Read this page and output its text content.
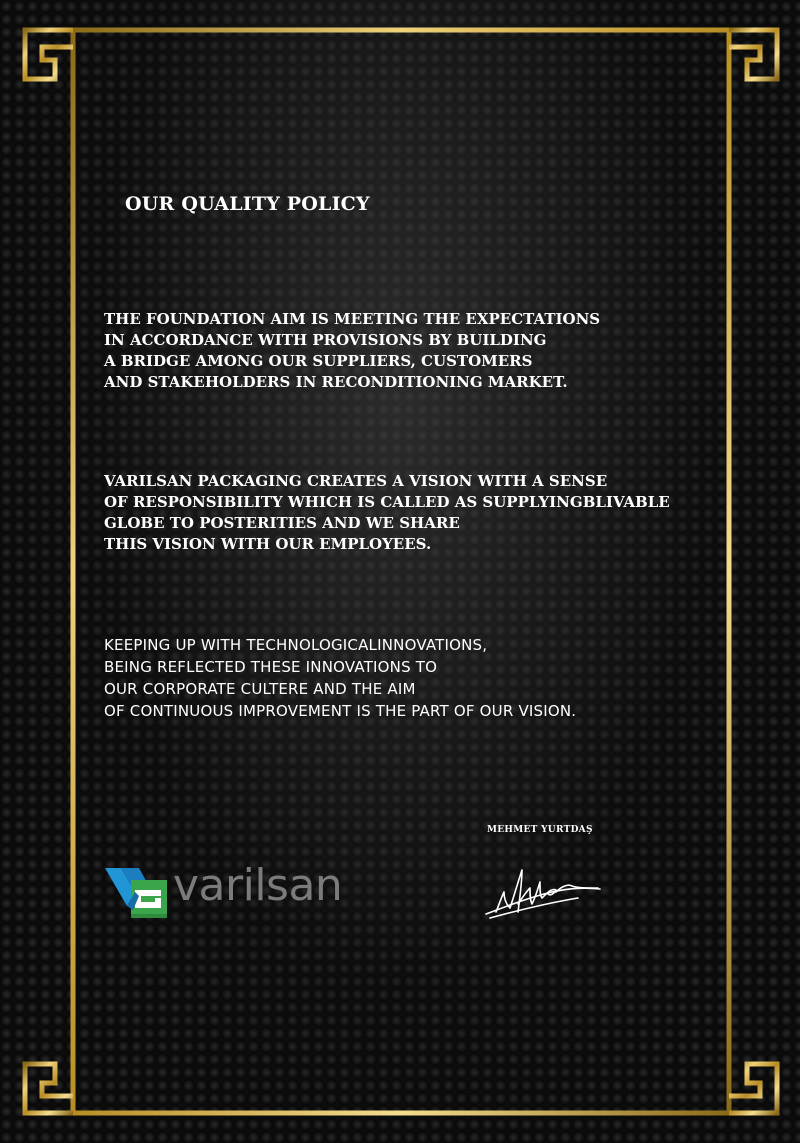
OUR QUALITY POLICY
THE FOUNDATION AIM IS MEETING THE EXPECTATIONS
IN ACCORDANCE WITH PROVISIONS BY BUILDING
A BRIDGE AMONG OUR SUPPLIERS, CUSTOMERS
AND STAKEHOLDERS IN RECONDITIONING MARKET.
VARILSAN PACKAGING CREATES A VISION WITH A SENSE
OF RESPONSIBILITY WHICH IS CALLED AS SUPPLYINGBLIVABLE
GLOBE TO POSTERITIES AND WE SHARE
THIS VISION WITH OUR EMPLOYEES.
KEEPING UP WITH TECHNOLOGICALINNOVATIONS,
BEING REFLECTED THESE INNOVATIONS TO
OUR CORPORATE CULTERE AND THE AIM
OF CONTINUOUS IMPROVEMENT IS THE PART OF OUR VISION.
MEHMET YURTDAŞ
varilsan
